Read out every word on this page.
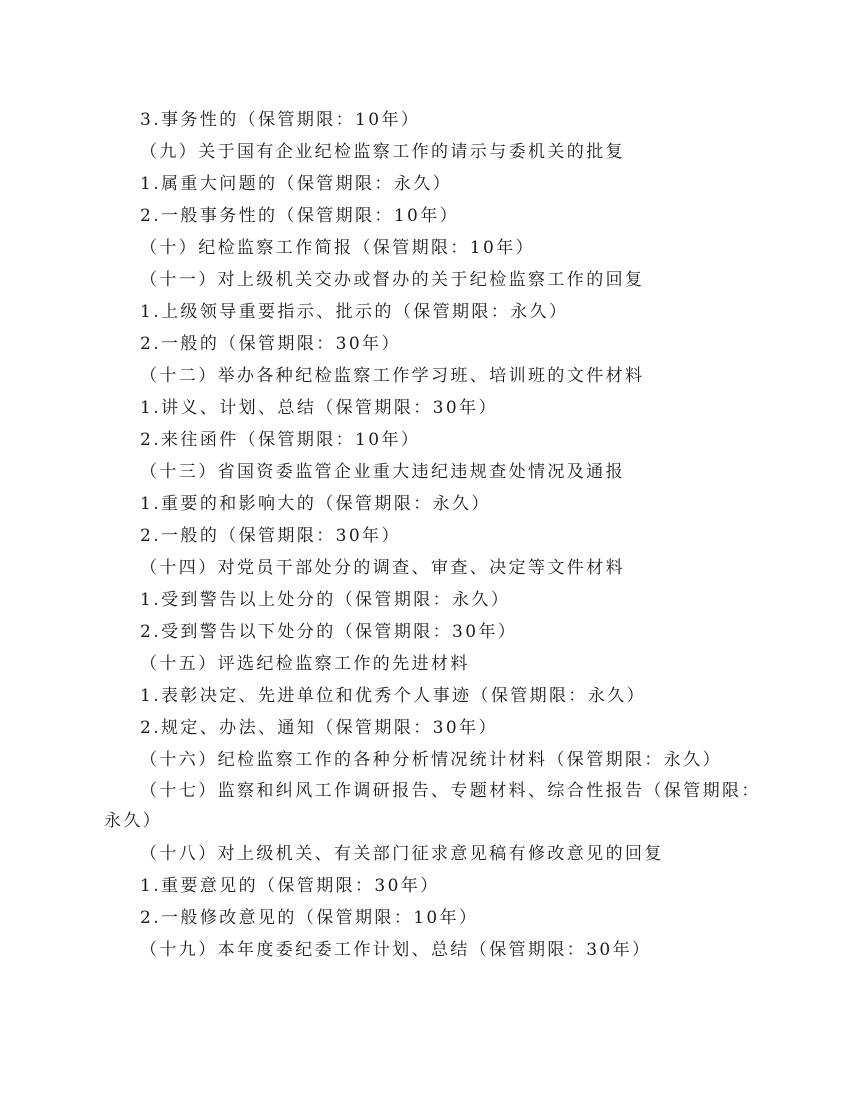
3.事务性的（保管期限：10年）
（九）关于国有企业纪检监察工作的请示与委机关的批复
1.属重大问题的（保管期限：永久）
2.一般事务性的（保管期限：10年）
（十）纪检监察工作简报（保管期限：10年）
（十一）对上级机关交办或督办的关于纪检监察工作的回复
1.上级领导重要指示、批示的（保管期限：永久）
2.一般的（保管期限：30年）
（十二）举办各种纪检监察工作学习班、培训班的文件材料
1.讲义、计划、总结（保管期限：30年）
2.来往函件（保管期限：10年）
（十三）省国资委监管企业重大违纪违规查处情况及通报
1.重要的和影响大的（保管期限：永久）
2.一般的（保管期限：30年）
（十四）对党员干部处分的调查、审查、决定等文件材料
1.受到警告以上处分的（保管期限：永久）
2.受到警告以下处分的（保管期限：30年）
（十五）评选纪检监察工作的先进材料
1.表彰决定、先进单位和优秀个人事迹（保管期限：永久）
2.规定、办法、通知（保管期限：30年）
（十六）纪检监察工作的各种分析情况统计材料（保管期限：永久）
（十七）监察和纠风工作调研报告、专题材料、综合性报告（保管期限：永久）
（十八）对上级机关、有关部门征求意见稿有修改意见的回复
1.重要意见的（保管期限：30年）
2.一般修改意见的（保管期限：10年）
（十九）本年度委纪委工作计划、总结（保管期限：30年）
